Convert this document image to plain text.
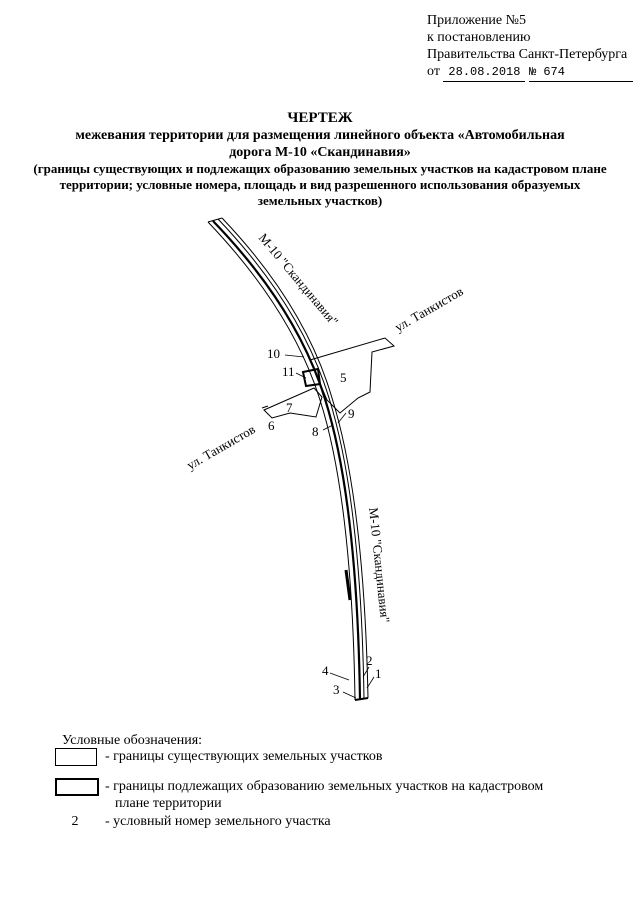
Приложение №5
к постановлению
Правительства Санкт-Петербурга
от 28.08.2018 № 674
ЧЕРТЕЖ
межевания территории для размещения линейного объекта «Автомобильная
дорога М-10 «Скандинавия»
(границы существующих и подлежащих образованию земельных участков на кадастровом плане
территории; условные номера, площадь и вид разрешенного использования образуемых
земельных участков)
М-10 "Скандинавия"
М-10 "Скандинавия"
ул. Танкистов
ул. Танкистов
1
2
3
4
5
6
7
8
9
10
11
Условные обозначения:
- границы существующих земельных участков
- границы подлежащих образованию земельных участков на кадастровом
плане территории
2 - условный номер земельного участка
